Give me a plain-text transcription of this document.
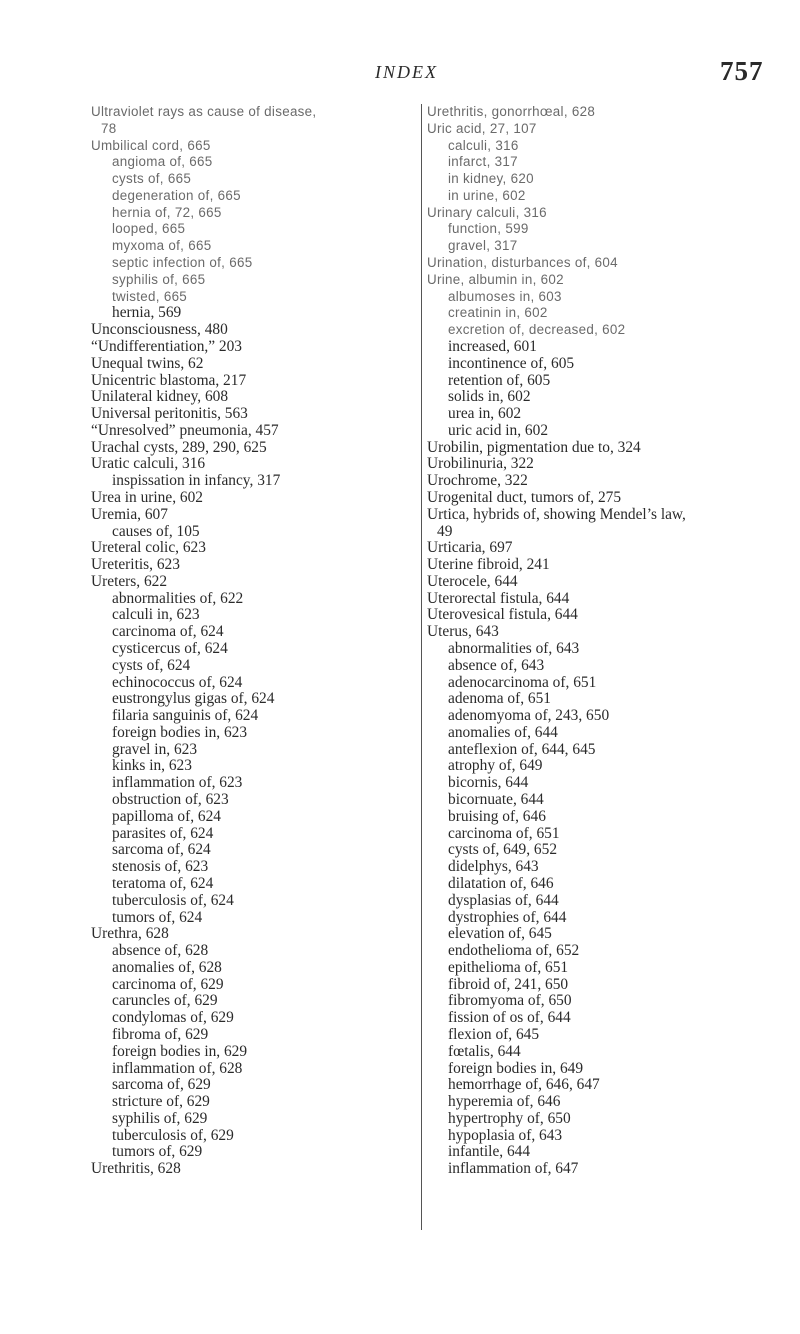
INDEX	757
Ultraviolet rays as cause of disease,
78
Umbilical cord, 665
angioma of, 665
cysts of, 665
degeneration of, 665
hernia of, 72, 665
looped, 665
myxoma of, 665
septic infection of, 665
syphilis of, 665
twisted, 665
hernia, 569
Unconsciousness, 480
“Undifferentiation,” 203
Unequal twins, 62
Unicentric blastoma, 217
Unilateral kidney, 608
Universal peritonitis, 563
“Unresolved” pneumonia, 457
Urachal cysts, 289, 290, 625
Uratic calculi, 316
inspissation in infancy, 317
Urea in urine, 602
Uremia, 607
causes of, 105
Ureteral colic, 623
Ureteritis, 623
Ureters, 622
abnormalities of, 622
calculi in, 623
carcinoma of, 624
cysticercus of, 624
cysts of, 624
echinococcus of, 624
eustrongylus gigas of, 624
filaria sanguinis of, 624
foreign bodies in, 623
gravel in, 623
kinks in, 623
inflammation of, 623
obstruction of, 623
papilloma of, 624
parasites of, 624
sarcoma of, 624
stenosis of, 623
teratoma of, 624
tuberculosis of, 624
tumors of, 624
Urethra, 628
absence of, 628
anomalies of, 628
carcinoma of, 629
caruncles of, 629
condylomas of, 629
fibroma of, 629
foreign bodies in, 629
inflammation of, 628
sarcoma of, 629
stricture of, 629
syphilis of, 629
tuberculosis of, 629
tumors of, 629
Urethritis, 628
Urethritis, gonorrhœal, 628
Uric acid, 27, 107
calculi, 316
infarct, 317
in kidney, 620
in urine, 602
Urinary calculi, 316
function, 599
gravel, 317
Urination, disturbances of, 604
Urine, albumin in, 602
albumoses in, 603
creatinin in, 602
excretion of, decreased, 602
increased, 601
incontinence of, 605
retention of, 605
solids in, 602
urea in, 602
uric acid in, 602
Urobilin, pigmentation due to, 324
Urobilinuria, 322
Urochrome, 322
Urogenital duct, tumors of, 275
Urtica, hybrids of, showing Mendel’s law,
49
Urticaria, 697
Uterine fibroid, 241
Uterocele, 644
Uterorectal fistula, 644
Uterovesical fistula, 644
Uterus, 643
abnormalities of, 643
absence of, 643
adenocarcinoma of, 651
adenoma of, 651
adenomyoma of, 243, 650
anomalies of, 644
anteflexion of, 644, 645
atrophy of, 649
bicornis, 644
bicornuate, 644
bruising of, 646
carcinoma of, 651
cysts of, 649, 652
didelphys, 643
dilatation of, 646
dysplasias of, 644
dystrophies of, 644
elevation of, 645
endothelioma of, 652
epithelioma of, 651
fibroid of, 241, 650
fibromyoma of, 650
fission of os of, 644
flexion of, 645
fœtalis, 644
foreign bodies in, 649
hemorrhage of, 646, 647
hyperemia of, 646
hypertrophy of, 650
hypoplasia of, 643
infantile, 644
inflammation of, 647
